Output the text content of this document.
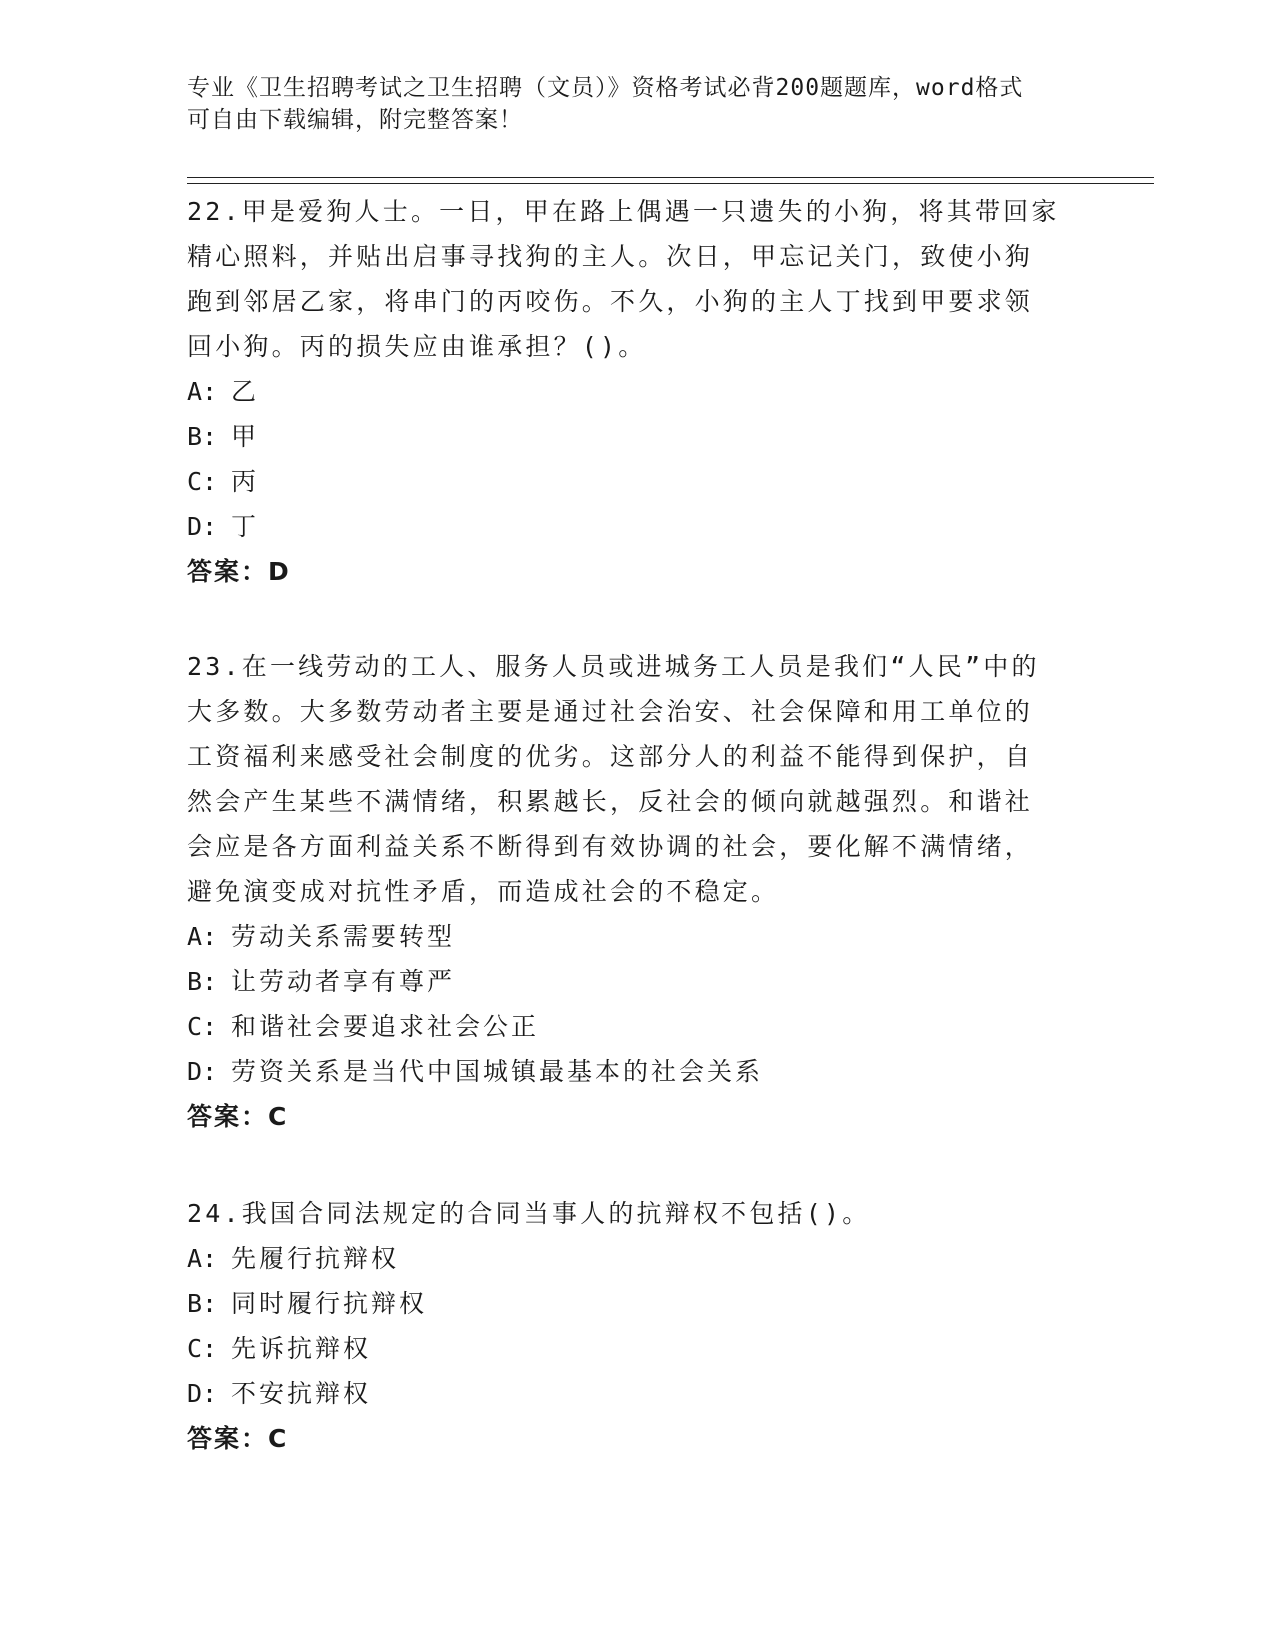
专业《卫生招聘考试之卫生招聘（文员）》资格考试必背200题题库，word格式

可自由下载编辑，附完整答案！

22.甲是爱狗人士。一日，甲在路上偶遇一只遗失的小狗，将其带回家

精心照料，并贴出启事寻找狗的主人。次日，甲忘记关门，致使小狗

跑到邻居乙家，将串门的丙咬伤。不久，小狗的主人丁找到甲要求领

回小狗。丙的损失应由谁承担？()。

A: 乙

B: 甲

C: 丙

D: 丁

答案：D

23.在一线劳动的工人、服务人员或进城务工人员是我们“人民”中的

大多数。大多数劳动者主要是通过社会治安、社会保障和用工单位的

工资福利来感受社会制度的优劣。这部分人的利益不能得到保护，自

然会产生某些不满情绪，积累越长，反社会的倾向就越强烈。和谐社

会应是各方面利益关系不断得到有效协调的社会，要化解不满情绪，

避免演变成对抗性矛盾，而造成社会的不稳定。

A: 劳动关系需要转型

B: 让劳动者享有尊严

C: 和谐社会要追求社会公正

D: 劳资关系是当代中国城镇最基本的社会关系

答案：C

24.我国合同法规定的合同当事人的抗辩权不包括()。

A: 先履行抗辩权

B: 同时履行抗辩权

C: 先诉抗辩权

D: 不安抗辩权

答案：C
